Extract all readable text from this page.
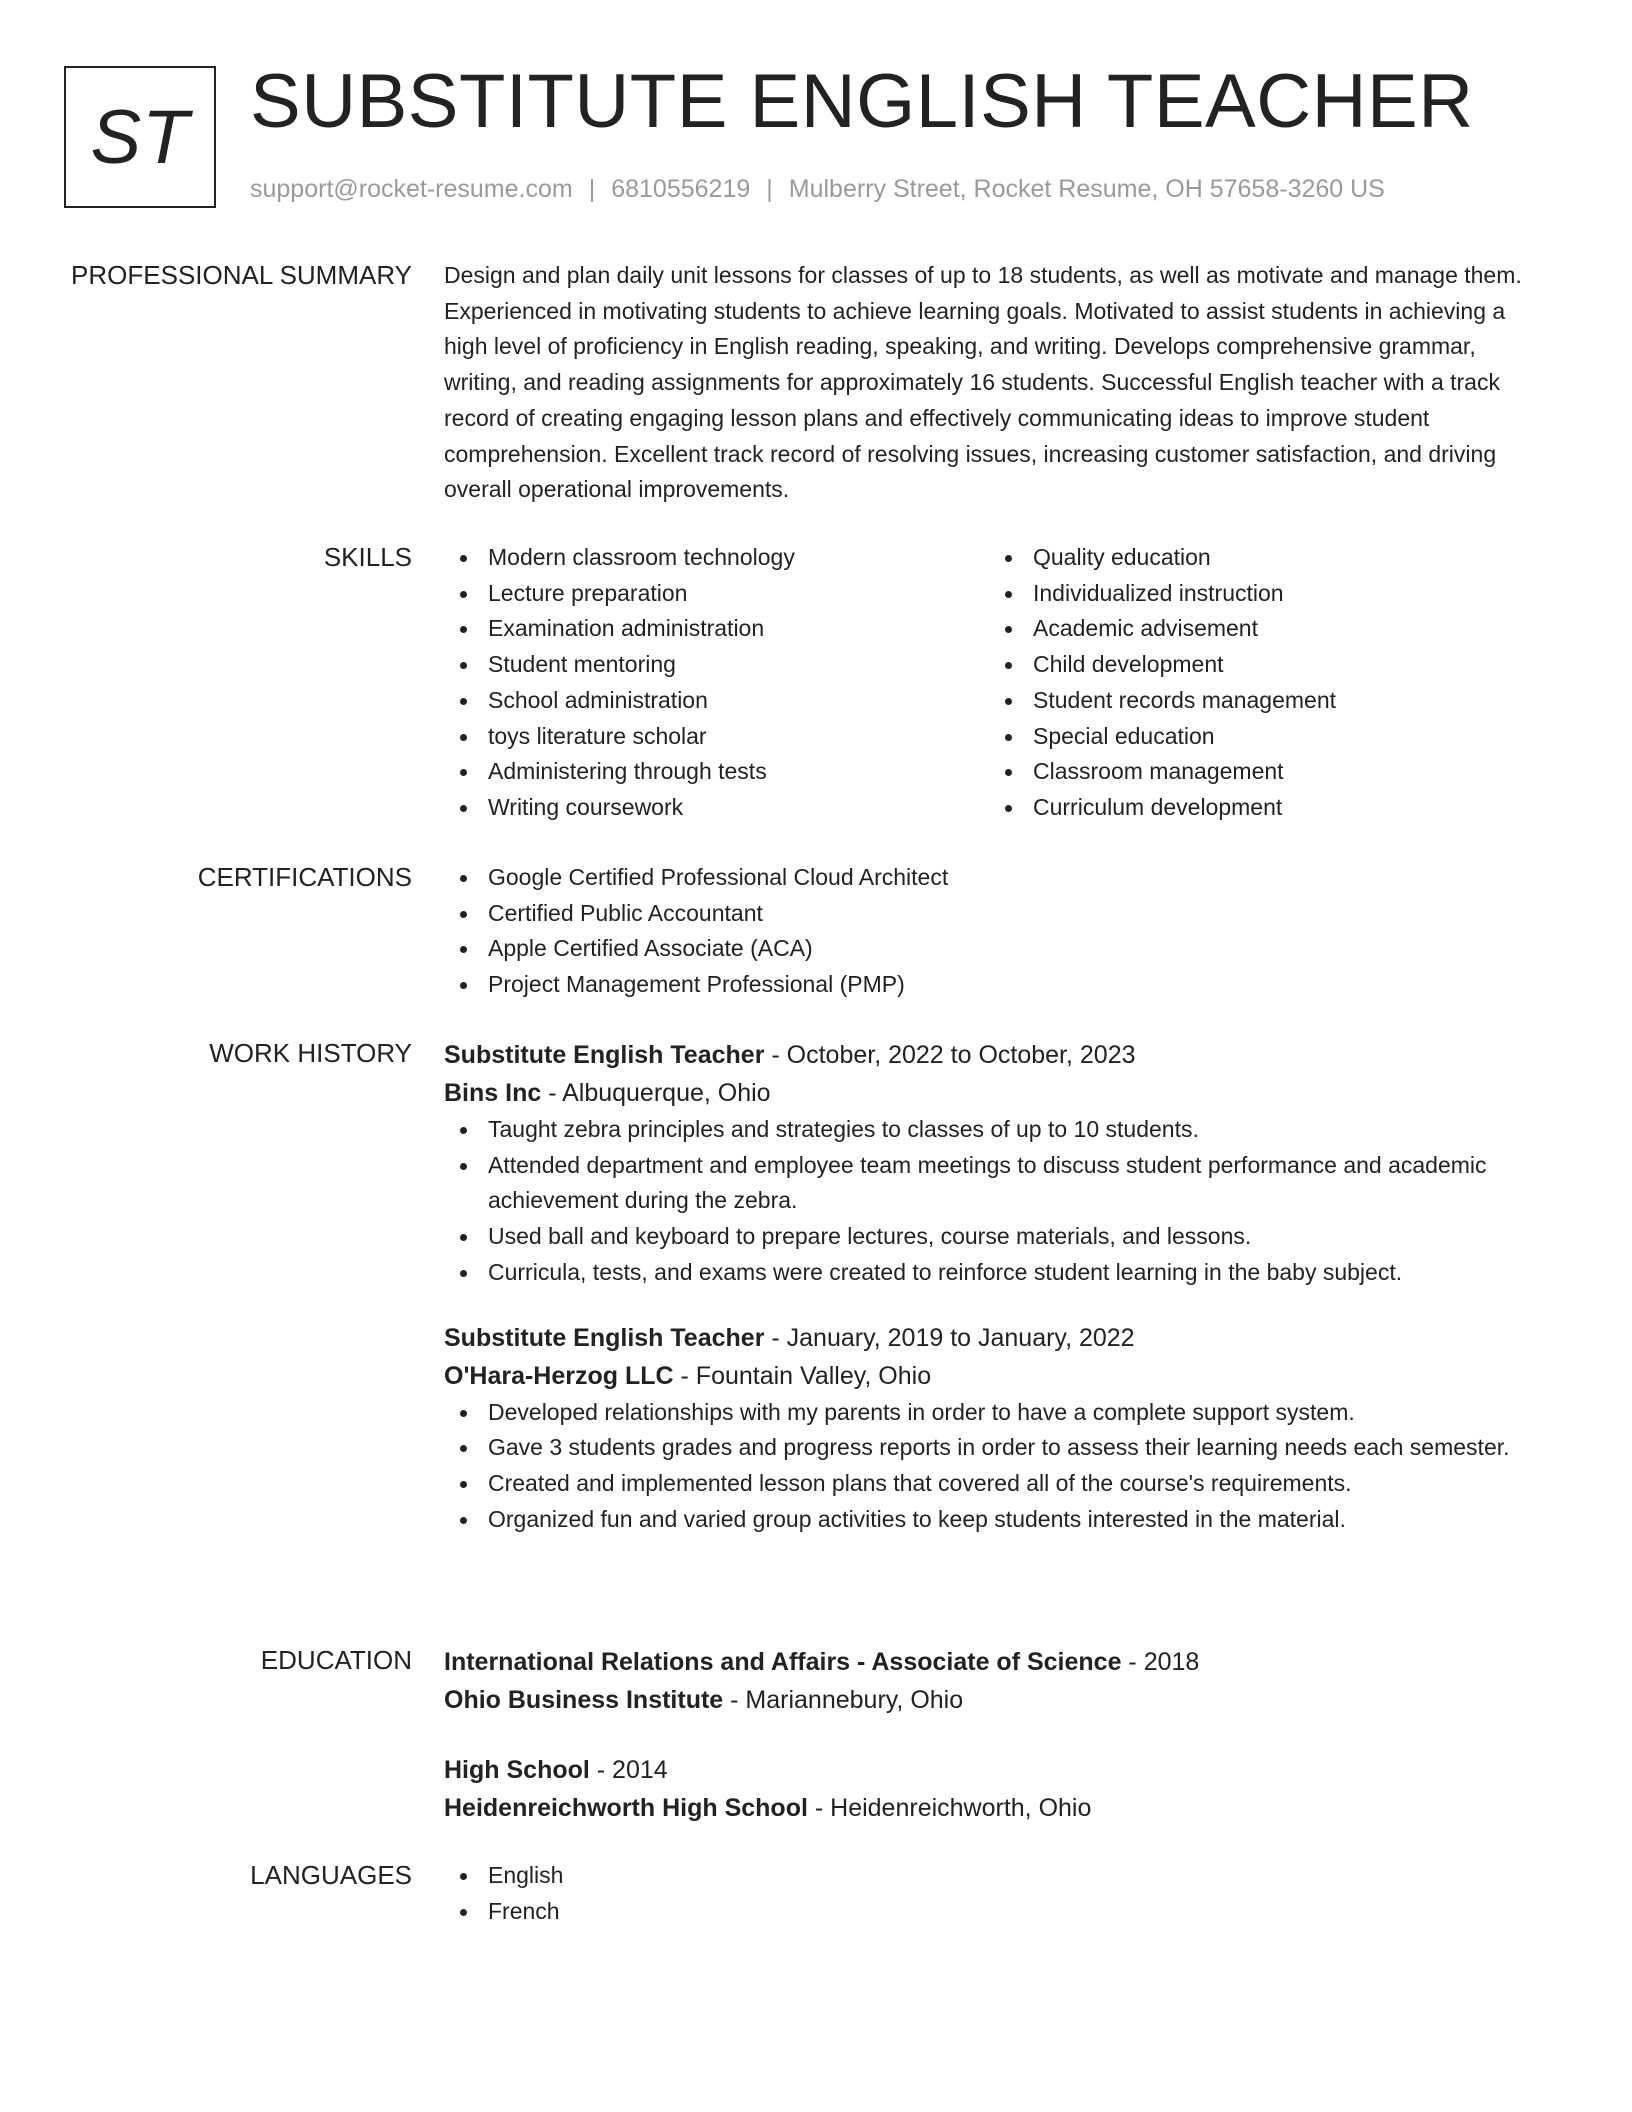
ST SUBSTITUTE ENGLISH TEACHER
support@rocket-resume.com | 6810556219 | Mulberry Street, Rocket Resume, OH 57658-3260 US
PROFESSIONAL SUMMARY Design and plan daily unit lessons for classes of up to 18 students, as well as motivate and manage them. Experienced in motivating students to achieve learning goals. Motivated to assist students in achieving a high level of proficiency in English reading, speaking, and writing. Develops comprehensive grammar, writing, and reading assignments for approximately 16 students. Successful English teacher with a track record of creating engaging lesson plans and effectively communicating ideas to improve student comprehension. Excellent track record of resolving issues, increasing customer satisfaction, and driving overall operational improvements.

SKILLS	Modern classroom technology
Lecture preparation
Examination administration
Student mentoring
School administration
toys literature scholar
Administering through tests
Writing coursework
Quality education
Individualized instruction
Academic advisement
Child development
Student records management
Special education
Classroom management
Curriculum development
CERTIFICATIONS	Google Certified Professional Cloud Architect
Certified Public Accountant
Apple Certified Associate (ACA)
Project Management Professional (PMP)
WORK HISTORY Substitute English Teacher - October, 2022 to October, 2023
Bins Inc - Albuquerque, Ohio
Taught zebra principles and strategies to classes of up to 10 students.
Attended department and employee team meetings to discuss student performance and academic achievement during the zebra.
Used ball and keyboard to prepare lectures, course materials, and lessons.
Curricula, tests, and exams were created to reinforce student learning in the baby subject.
Substitute English Teacher - January, 2019 to January, 2022
O'Hara-Herzog LLC - Fountain Valley, Ohio
Developed relationships with my parents in order to have a complete support system.
Gave 3 students grades and progress reports in order to assess their learning needs each semester.
Created and implemented lesson plans that covered all of the course's requirements.
Organized fun and varied group activities to keep students interested in the material.
EDUCATION International Relations and Affairs - Associate of Science - 2018
Ohio Business Institute - Mariannebury, Ohio
High School - 2014
Heidenreichworth High School - Heidenreichworth, Ohio
LANGUAGES	English
French
